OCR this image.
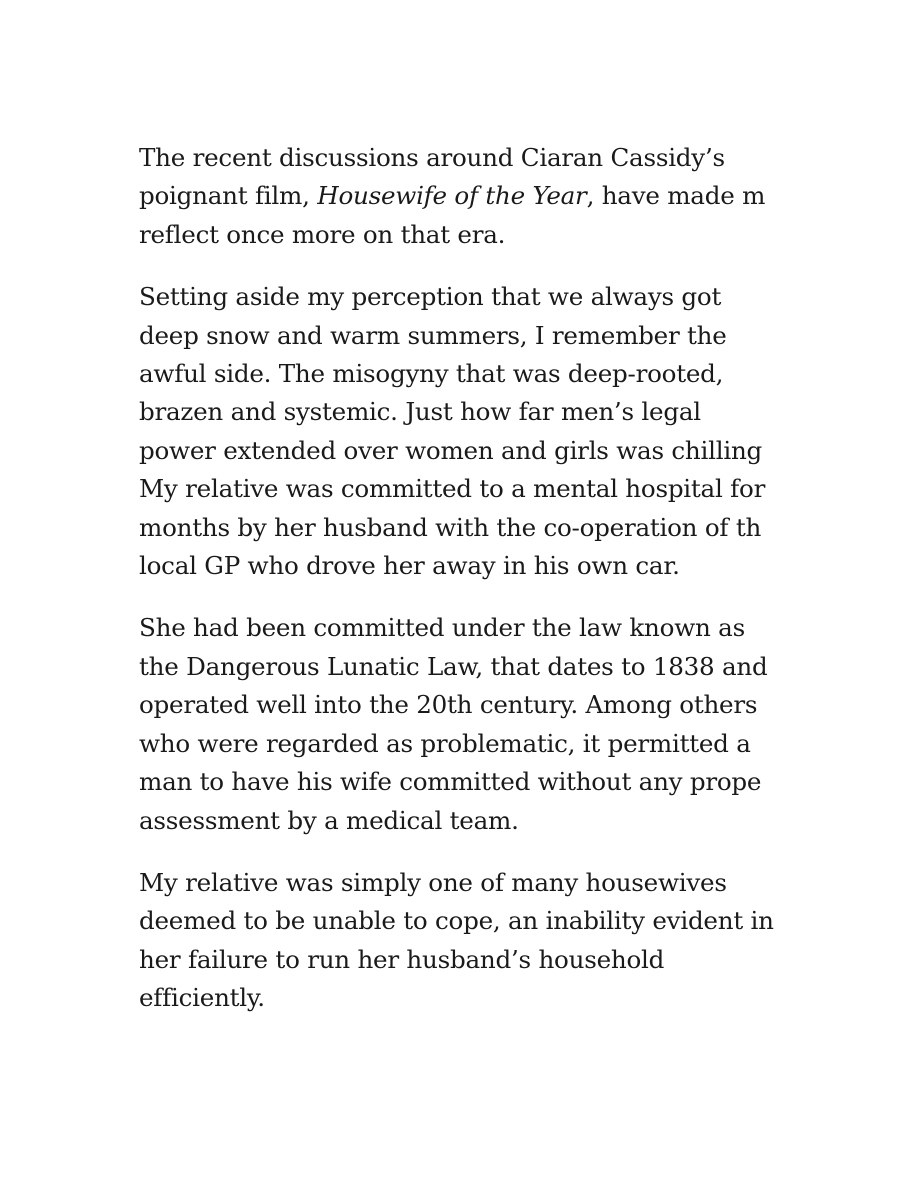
The recent discussions around Ciaran Cassidy’s
poignant film, Housewife of the Year, have made m
reflect once more on that era.

Setting aside my perception that we always got
deep snow and warm summers, I remember the
awful side. The misogyny that was deep-rooted,
brazen and systemic. Just how far men’s legal
power extended over women and girls was chilling
My relative was committed to a mental hospital for
months by her husband with the co-operation of th
local GP who drove her away in his own car.

She had been committed under the law known as
the Dangerous Lunatic Law, that dates to 1838 and
operated well into the 20th century. Among others
who were regarded as problematic, it permitted a
man to have his wife committed without any prope
assessment by a medical team.

My relative was simply one of many housewives
deemed to be unable to cope, an inability evident in
her failure to run her husband’s household
efficiently.
